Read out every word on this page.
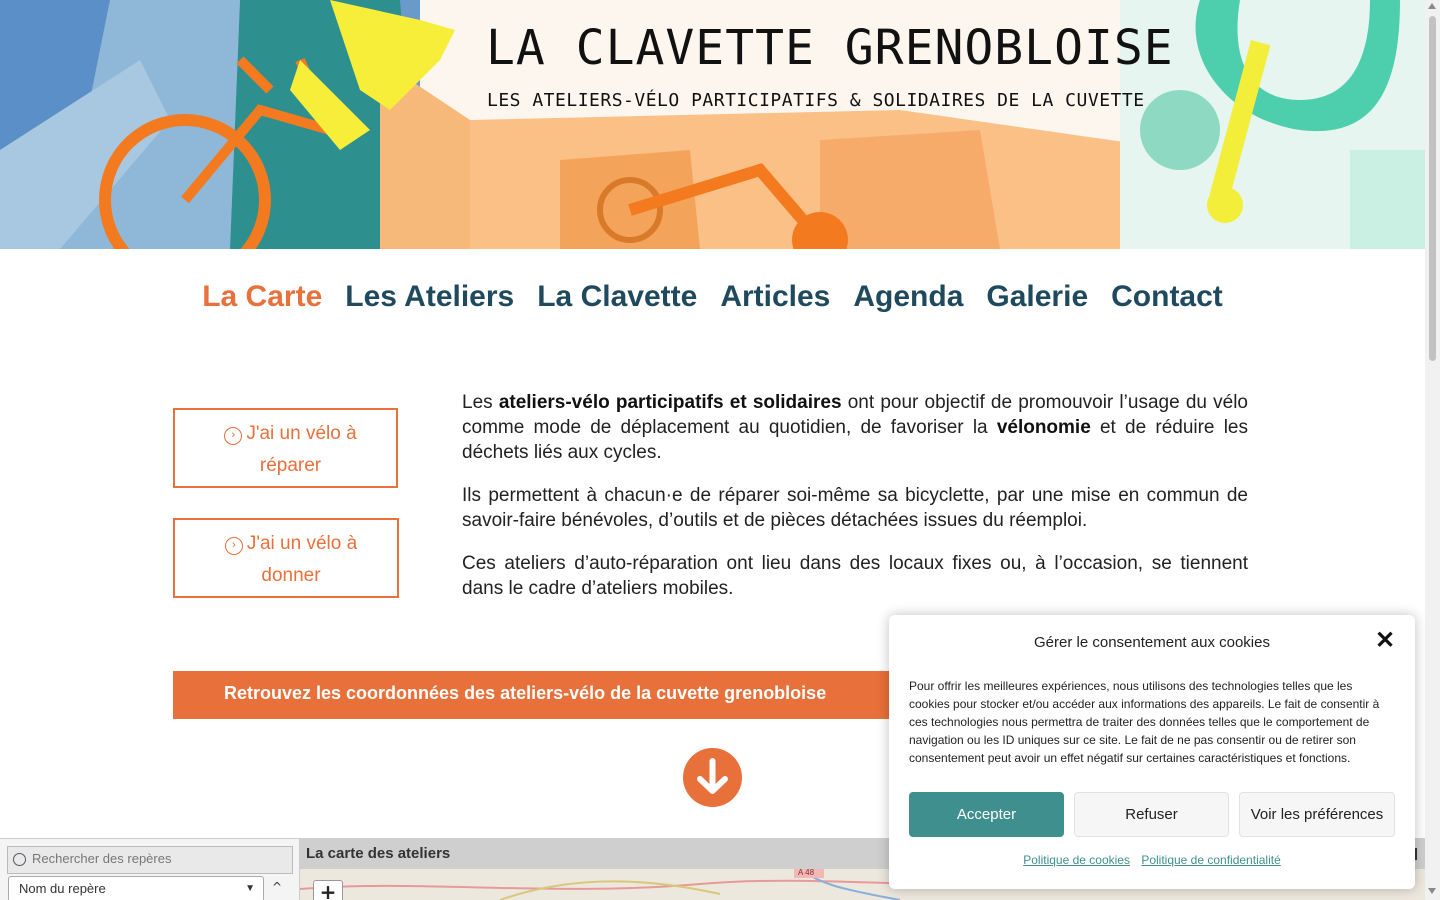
LA CLAVETTE GRENOBLOISE
LES ATELIERS-VÉLO PARTICIPATIFS & SOLIDAIRES DE LA CUVETTE
La Carte Les Ateliers La Clavette Articles Agenda Galerie Contact
› J'ai un vélo à
réparer
› J'ai un vélo à
donner

Les ateliers-vélo participatifs et solidaires ont pour objectif de promouvoir l’usage du vélo comme mode de déplacement au quotidien, de favoriser la vélonomie et de réduire les déchets liés aux cycles.

Ils permettent à chacun·e de réparer soi-même sa bicyclette, par une mise en commun de savoir-faire bénévoles, d’outils et de pièces détachées issues du réemploi.

Ces ateliers d’auto-réparation ont lieu dans des locaux fixes ou, à l’occasion, se tiennent dans le cadre d’ateliers mobiles.

Retrouvez les coordonnées des ateliers-vélo de la cuvette grenobloise
Rechercher des repères
Nom du repère	▼ ^
La carte des ateliers
A 48
+
Gérer le consentement aux cookies	✕
Pour offrir les meilleures expériences, nous utilisons des technologies telles que les cookies pour stocker et/ou accéder aux informations des appareils. Le fait de consentir à ces technologies nous permettra de traiter des données telles que le comportement de navigation ou les ID uniques sur ce site. Le fait de ne pas consentir ou de retirer son consentement peut avoir un effet négatif sur certaines caractéristiques et fonctions.
Accepter	Refuser	Voir les préférences
Politique de cookies Politique de confidentialité
